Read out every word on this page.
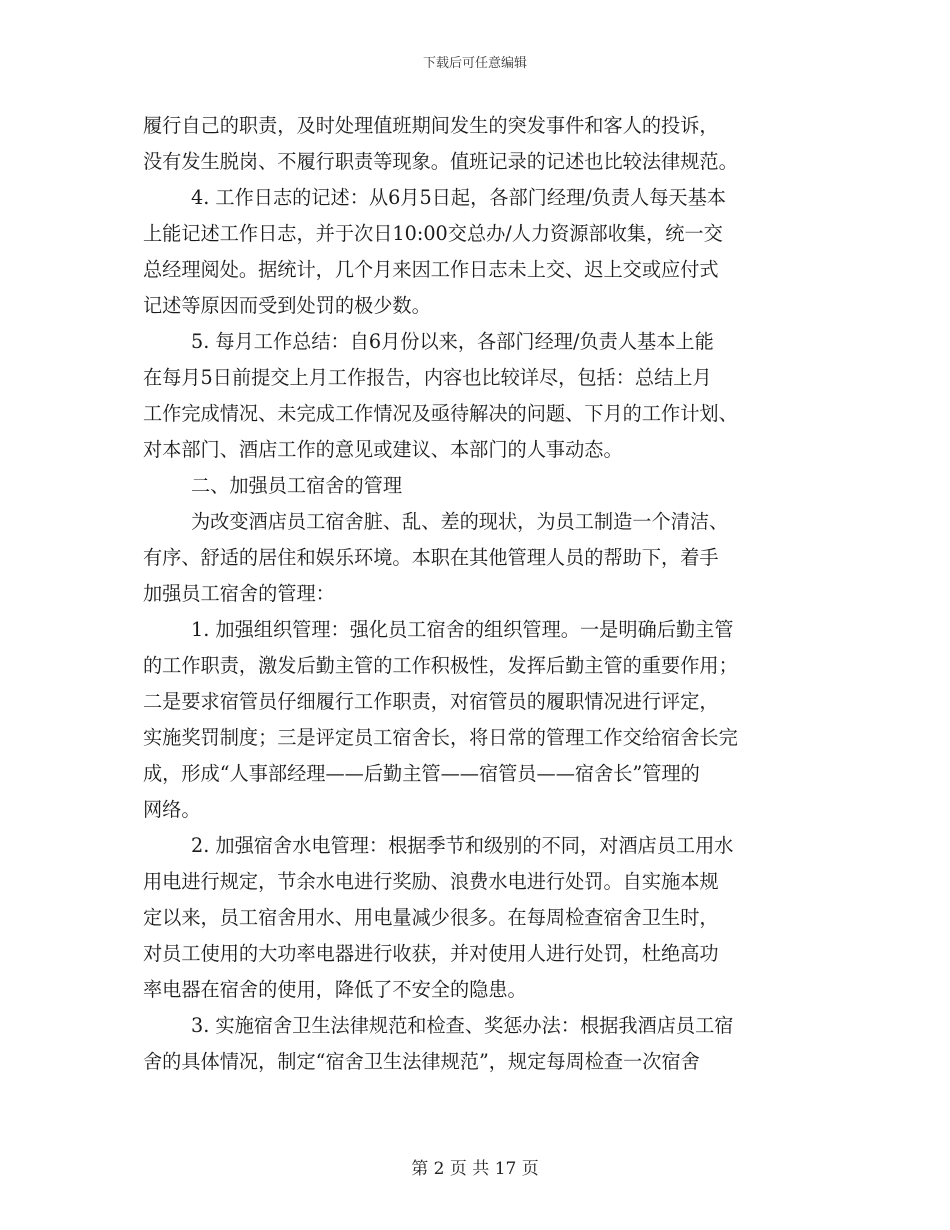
下载后可任意编辑
履行自己的职责，及时处理值班期间发生的突发事件和客人的投诉，
没有发生脱岗、不履行职责等现象。值班记录的记述也比较法律规范。
4. 工作日志的记述：从6月5日起，各部门经理/负责人每天基本
上能记述工作日志，并于次日10:00交总办/人力资源部收集，统一交
总经理阅处。据统计，几个月来因工作日志未上交、迟上交或应付式
记述等原因而受到处罚的极少数。
5. 每月工作总结：自6月份以来，各部门经理/负责人基本上能
在每月5日前提交上月工作报告，内容也比较详尽，包括：总结上月
工作完成情况、未完成工作情况及亟待解决的问题、下月的工作计划、
对本部门、酒店工作的意见或建议、本部门的人事动态。
二、加强员工宿舍的管理
为改变酒店员工宿舍脏、乱、差的现状，为员工制造一个清洁、
有序、舒适的居住和娱乐环境。本职在其他管理人员的帮助下，着手
加强员工宿舍的管理：
1. 加强组织管理：强化员工宿舍的组织管理。一是明确后勤主管
的工作职责，激发后勤主管的工作积极性，发挥后勤主管的重要作用；
二是要求宿管员仔细履行工作职责，对宿管员的履职情况进行评定，
实施奖罚制度；三是评定员工宿舍长，将日常的管理工作交给宿舍长完
成，形成“人事部经理——后勤主管——宿管员——宿舍长”管理的
网络。
2. 加强宿舍水电管理：根据季节和级别的不同，对酒店员工用水
用电进行规定，节余水电进行奖励、浪费水电进行处罚。自实施本规
定以来，员工宿舍用水、用电量减少很多。在每周检查宿舍卫生时，
对员工使用的大功率电器进行收获，并对使用人进行处罚，杜绝高功
率电器在宿舍的使用，降低了不安全的隐患。
3. 实施宿舍卫生法律规范和检查、奖惩办法：根据我酒店员工宿
舍的具体情况，制定“宿舍卫生法律规范”，规定每周检查一次宿舍
第 2 页 共 17 页
